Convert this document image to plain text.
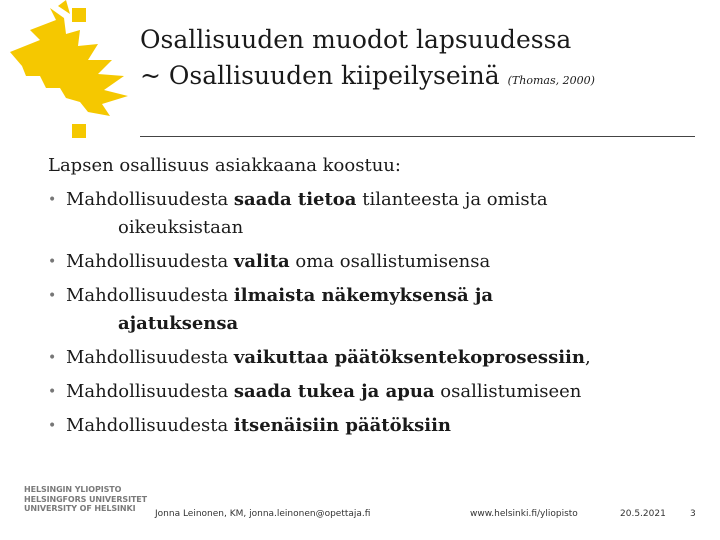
Osallisuuden muodot lapsuudessa
~ Osallisuuden kiipeilyseinä (Thomas, 2000)
Lapsen osallisuus asiakkaana koostuu:
• Mahdollisuudesta saada tietoa tilanteesta ja omista
oikeuksistaan
• Mahdollisuudesta valita oma osallistumisensa
• Mahdollisuudesta ilmaista näkemyksensä ja
ajatuksensa
• Mahdollisuudesta vaikuttaa päätöksentekoprosessiin,
• Mahdollisuudesta saada tukea ja apua osallistumiseen
• Mahdollisuudesta itsenäisiin päätöksiin
HELSINGIN YLIOPISTO
HELSINGFORS UNIVERSITET
UNIVERSITY OF HELSINKI
Jonna Leinonen, KM, jonna.leinonen@opettaja.fi	www.helsinki.fi/yliopisto	20.5.2021	3
